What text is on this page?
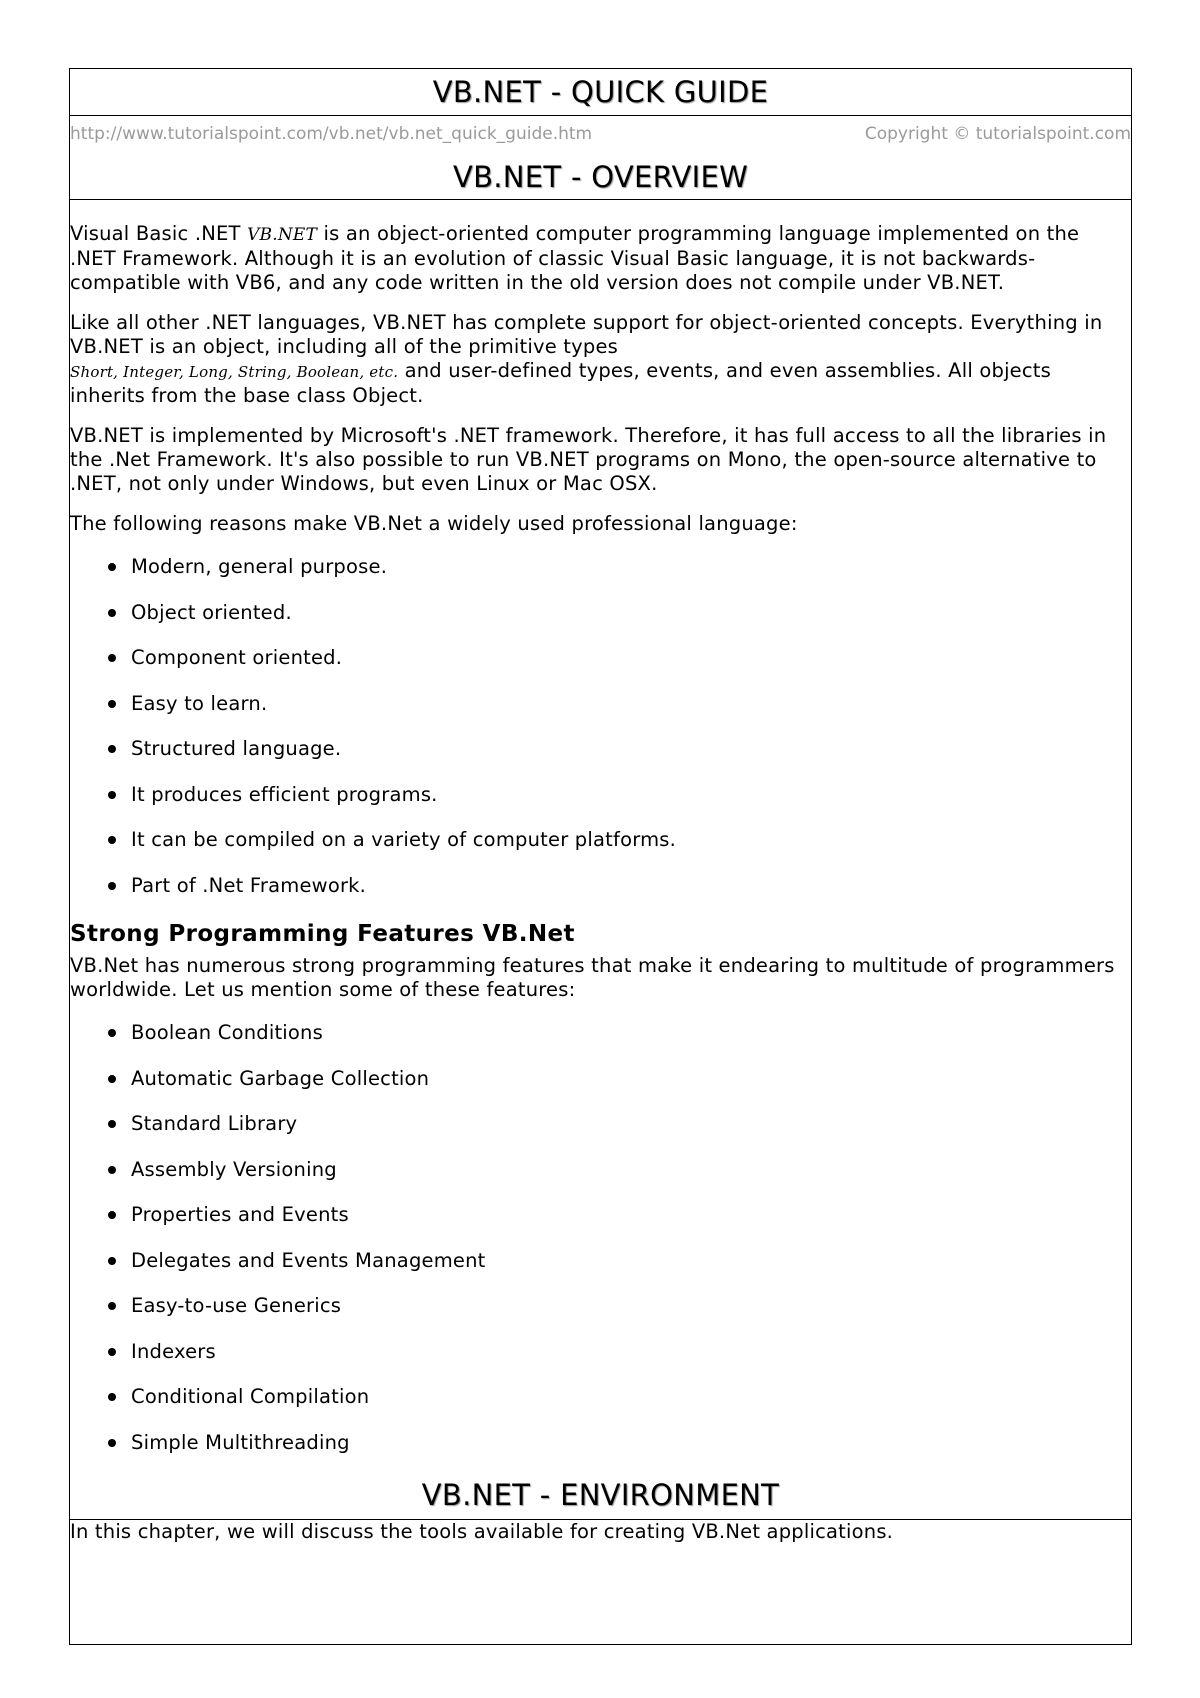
VB.NET - QUICK GUIDE
http://www.tutorialspoint.com/vb.net/vb.net_quick_guide.htm	Copyright © tutorialspoint.com
VB.NET - OVERVIEW

Visual Basic .NET VB.NET is an object-oriented computer programming language implemented on the .NET Framework. Although it is an evolution of classic Visual Basic language, it is not backwards-compatible with VB6, and any code written in the old version does not compile under VB.NET.

Like all other .NET languages, VB.NET has complete support for object-oriented concepts. Everything in VB.NET is an object, including all of the primitive types
Short, Integer, Long, String, Boolean, etc. and user-defined types, events, and even assemblies. All objects inherits from the base class Object.

VB.NET is implemented by Microsoft's .NET framework. Therefore, it has full access to all the libraries in the .Net Framework. It's also possible to run VB.NET programs on Mono, the open-source alternative to .NET, not only under Windows, but even Linux or Mac OSX.

The following reasons make VB.Net a widely used professional language:

Modern, general purpose.
Object oriented.
Component oriented.
Easy to learn.
Structured language.
It produces efficient programs.
It can be compiled on a variety of computer platforms.
Part of .Net Framework.
Strong Programming Features VB.Net

VB.Net has numerous strong programming features that make it endearing to multitude of programmers worldwide. Let us mention some of these features:

Boolean Conditions
Automatic Garbage Collection
Standard Library
Assembly Versioning
Properties and Events
Delegates and Events Management
Easy-to-use Generics
Indexers
Conditional Compilation
Simple Multithreading
VB.NET - ENVIRONMENT

In this chapter, we will discuss the tools available for creating VB.Net applications.
